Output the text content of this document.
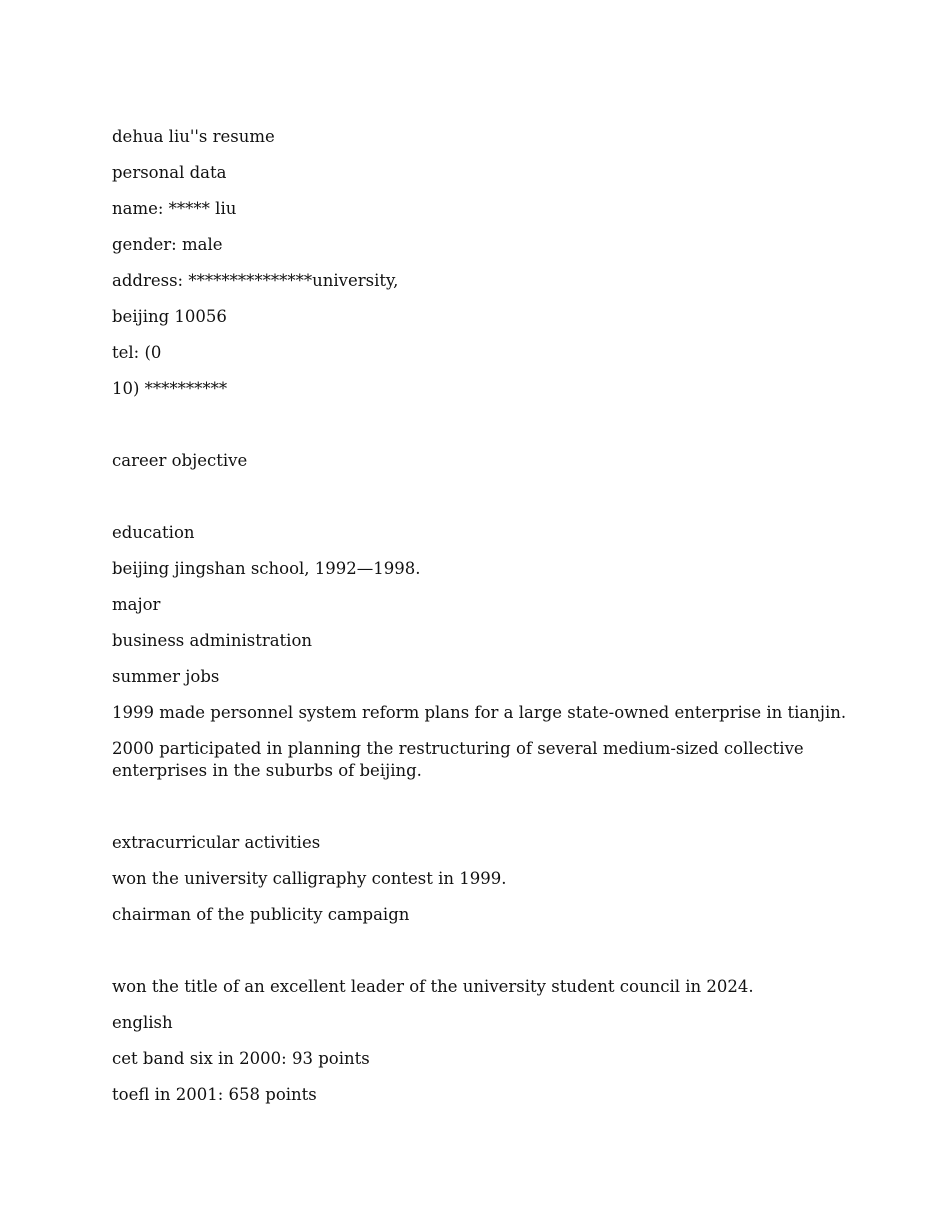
dehua liu''s resume
personal data
name: ***** liu
gender: male
address: ***************university,
beijing 10056
tel: (0
10) **********
career objective
education
beijing jingshan school, 1992—1998.
major
business administration
summer jobs
1999 made personnel system reform plans for a large state-owned enterprise in tianjin.
2000 participated in planning the restructuring of several medium-sized collective enterprises in the suburbs of beijing.
extracurricular activities
won the university calligraphy contest in 1999.
chairman of the publicity campaign
won the title of an excellent leader of the university student council in 2024.
english
cet band six in 2000: 93 points
toefl in 2001: 658 points
